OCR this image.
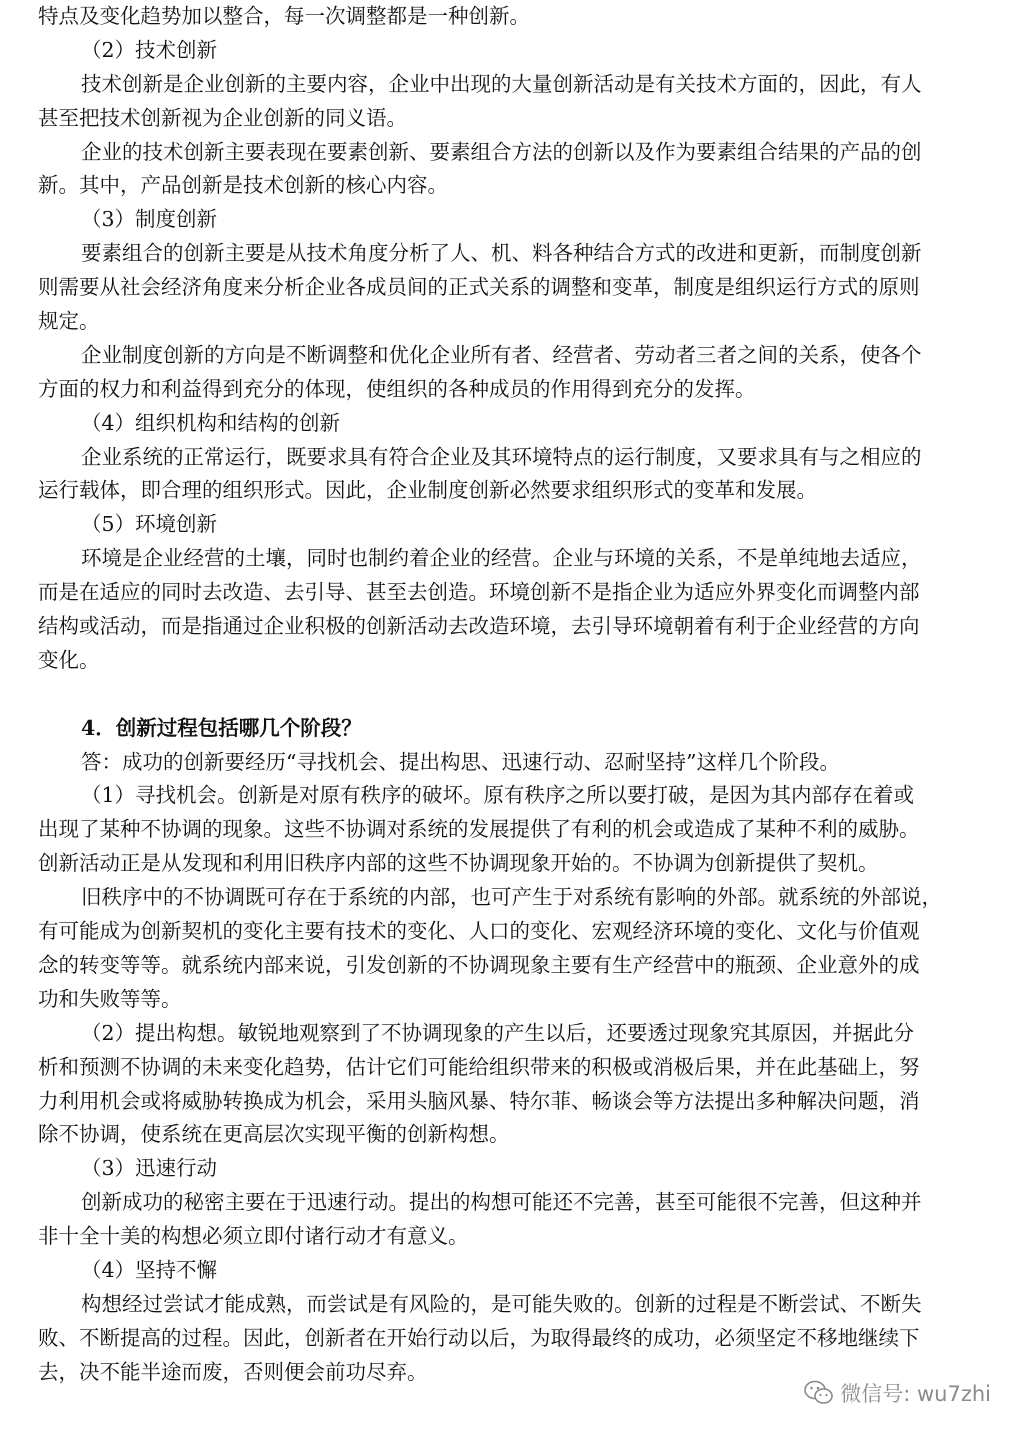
特点及变化趋势加以整合，每一次调整都是一种创新。
（2）技术创新
技术创新是企业创新的主要内容，企业中出现的大量创新活动是有关技术方面的，因此，有人
甚至把技术创新视为企业创新的同义语。
企业的技术创新主要表现在要素创新、要素组合方法的创新以及作为要素组合结果的产品的创
新。其中，产品创新是技术创新的核心内容。
（3）制度创新
要素组合的创新主要是从技术角度分析了人、机、料各种结合方式的改进和更新，而制度创新
则需要从社会经济角度来分析企业各成员间的正式关系的调整和变革，制度是组织运行方式的原则
规定。
企业制度创新的方向是不断调整和优化企业所有者、经营者、劳动者三者之间的关系，使各个
方面的权力和利益得到充分的体现，使组织的各种成员的作用得到充分的发挥。
（4）组织机构和结构的创新
企业系统的正常运行，既要求具有符合企业及其环境特点的运行制度，又要求具有与之相应的
运行载体，即合理的组织形式。因此，企业制度创新必然要求组织形式的变革和发展。
（5）环境创新
环境是企业经营的土壤，同时也制约着企业的经营。企业与环境的关系，不是单纯地去适应，
而是在适应的同时去改造、去引导、甚至去创造。环境创新不是指企业为适应外界变化而调整内部
结构或活动，而是指通过企业积极的创新活动去改造环境，去引导环境朝着有利于企业经营的方向
变化。
4．创新过程包括哪几个阶段？
答：成功的创新要经历“寻找机会、提出构思、迅速行动、忍耐坚持”这样几个阶段。
（1）寻找机会。创新是对原有秩序的破坏。原有秩序之所以要打破，是因为其内部存在着或
出现了某种不协调的现象。这些不协调对系统的发展提供了有利的机会或造成了某种不利的威胁。
创新活动正是从发现和利用旧秩序内部的这些不协调现象开始的。不协调为创新提供了契机。
旧秩序中的不协调既可存在于系统的内部，也可产生于对系统有影响的外部。就系统的外部说，
有可能成为创新契机的变化主要有技术的变化、人口的变化、宏观经济环境的变化、文化与价值观
念的转变等等。就系统内部来说，引发创新的不协调现象主要有生产经营中的瓶颈、企业意外的成
功和失败等等。
（2）提出构想。敏锐地观察到了不协调现象的产生以后，还要透过现象究其原因，并据此分
析和预测不协调的未来变化趋势，估计它们可能给组织带来的积极或消极后果，并在此基础上，努
力利用机会或将威胁转换成为机会，采用头脑风暴、特尔菲、畅谈会等方法提出多种解决问题，消
除不协调，使系统在更高层次实现平衡的创新构想。
（3）迅速行动
创新成功的秘密主要在于迅速行动。提出的构想可能还不完善，甚至可能很不完善，但这种并
非十全十美的构想必须立即付诸行动才有意义。
（4）坚持不懈
构想经过尝试才能成熟，而尝试是有风险的，是可能失败的。创新的过程是不断尝试、不断失
败、不断提高的过程。因此，创新者在开始行动以后，为取得最终的成功，必须坚定不移地继续下
去，决不能半途而废，否则便会前功尽弃。
微信号: wu7zhi
